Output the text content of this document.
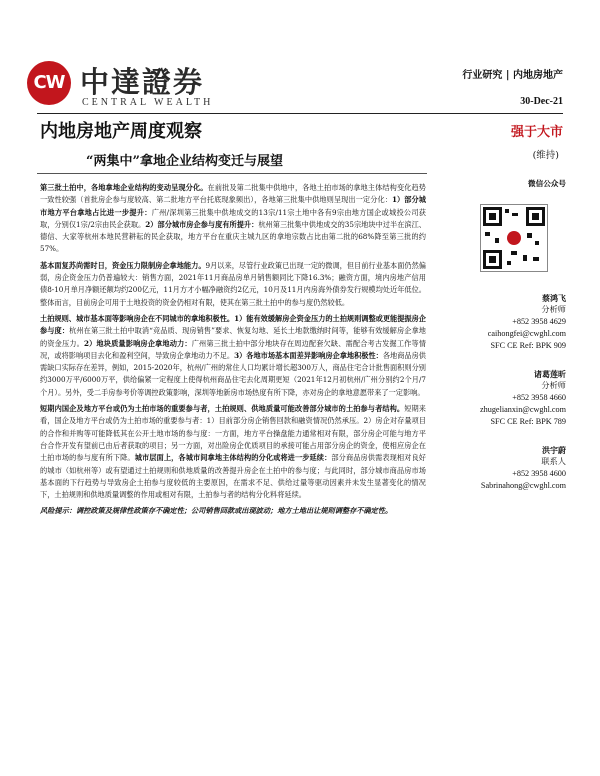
CW 中達證券
CENTRAL WEALTH
行业研究 | 内地房地产
30-Dec-21
内地房地产周度观察
“两集中”拿地企业结构变迁与展望
强于大市
(维持)

第三批土拍中，各地拿地企业结构的变动呈现分化。在前批及第二批集中供地中，各地土拍市场的拿地主体结构变化趋势一致性较强（首批房企参与度较高、第二批地方平台托底现象频出），各地第三批集中供地则呈现出一定分化：1）部分城市地方平台拿地占比进一步提升：广州/深圳第三批集中供地成交的13宗/11宗土地中各有9宗由地方国企或城投公司获取，分别仅1宗/2宗由民企获取。2）部分城市房企参与度有所提升：杭州第三批集中供地成交的35宗地块中过半在滨江、德信、大家等杭州本地民营耕耘的民企获取，地方平台在重庆主城九区的拿地宗数占比由第二批的68%降至第三批的约57%。

基本面复苏尚需时日，资金压力限制房企拿地能力。9月以来，尽管行业政策已出现一定的微调，但目前行业基本面仍然偏弱，房企资金压力仍普遍较大：销售方面，2021年11月商品房单月销售额同比下降16.3%；融资方面，境内房地产信用债8-10月单月净额还额均约200亿元，11月方才小幅净融资约2亿元，10月及11月内房海外债券发行规模均处近年低位。整体而言，目前房企可用于土地投资的资金仍相对有限，使其在第三批土拍中的参与度仍然较低。

土拍规则、城市基本面等影响房企在不同城市的拿地积极性。1）能有效缓解房企资金压力的土拍规则调整或更能提振房企参与度：杭州在第三批土拍中取消“竞品质、现房销售”要求、恢复勾地、延长土地款缴纳时间等，能够有效缓解房企拿地的资金压力。2）地块质量影响房企拿地动力：广州第三批土拍中部分地块存在周边配套欠缺、需配合考古发掘工作等情况，或将影响项目去化和盈利空间，导致房企拿地动力不足。3）各地市场基本面差异影响房企拿地积极性：各地商品房供需缺口实际存在差异，例如，2015-2020年，杭州/广州的常住人口均累计增长超300万人，商品住宅合计批售面积则分别约3000万平/6000万平，供给偏紧一定程度上使得杭州商品住宅去化周期更短（2021年12月初杭州/广州分别约2个月/7个月）。另外，受二手房参考价等调控政策影响，深圳等地新房市场热度有所下降，亦对房企的拿地意愿带来了一定影响。

短期内国企及地方平台或仍为土拍市场的重要参与者，土拍规则、供地质量可能改善部分城市的土拍参与者结构。短期来看，国企及地方平台或仍为土拍市场的重要参与者：1）目前部分房企销售回款和融资情况仍然承压。2）房企对存量项目的合作和并购等可能降低其在公开土地市场的参与度：一方面，地方平台操盘能力通常相对有限，部分房企可能与地方平台合作开发有望前已由后者获取的项目；另一方面，对出险房企优质项目的承接可能占用部分房企的资金，使相应房企在土拍市场的参与度有所下降。城市层面上，各城市间拿地主体结构的分化或将进一步延续：部分商品房供需表现相对良好的城市（如杭州等）或有望通过土拍规则和供地质量的改善提升房企在土拍中的参与度；与此同时，部分城市商品房市场基本面的下行趋势与导致房企土拍参与度较低的主要原因，在需求不足、供给过量等驱动因素并未发生显著变化的情况下，土拍规则和供地质量调整的作用或相对有限，土拍参与者的结构分化料将延续。

风险提示：调控政策及规律性政策存不确定性；公司销售回款或出现波动；地方土地出让规则调整存不确定性。

微信公众号
蔡鸿飞
分析师
+852 3958 4629
caihongfei@cwghl.com
SFC CE Ref: BPK 909
诸葛莲昕
分析师
+852 3958 4660
zhugelianxin@cwghl.com
SFC CE Ref: BPK 789
洪宇蔚
联系人
+852 3958 4600
Sabrinahong@cwghl.com
